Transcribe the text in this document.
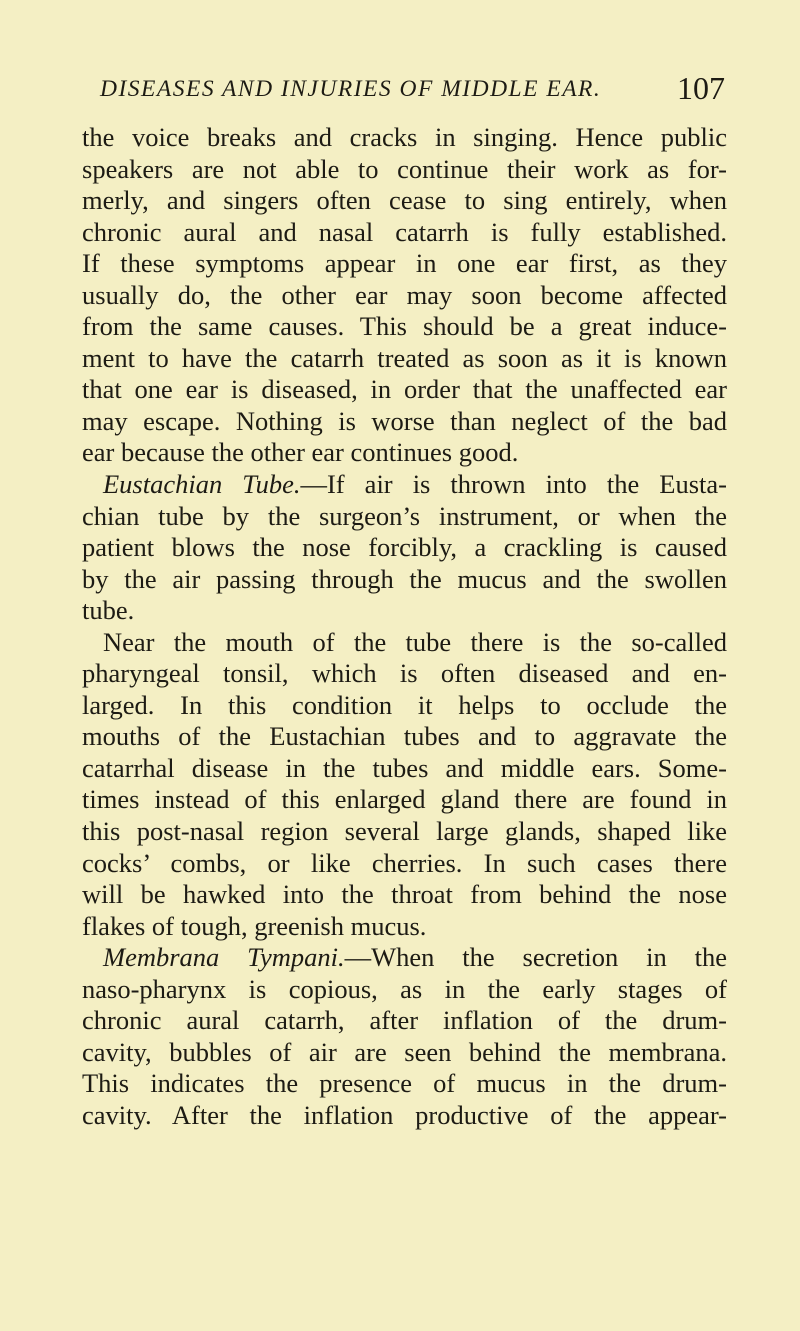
DISEASES AND INJURIES OF MIDDLE EAR. 107
the voice breaks and cracks in singing. Hence public
speakers are not able to continue their work as for-
merly, and singers often cease to sing entirely, when
chronic aural and nasal catarrh is fully established.
If these symptoms appear in one ear first, as they
usually do, the other ear may soon become affected
from the same causes. This should be a great induce-
ment to have the catarrh treated as soon as it is known
that one ear is diseased, in order that the unaffected ear
may escape. Nothing is worse than neglect of the bad
ear because the other ear continues good.
Eustachian Tube.—If air is thrown into the Eusta-
chian tube by the surgeon’s instrument, or when the
patient blows the nose forcibly, a crackling is caused
by the air passing through the mucus and the swollen
tube.
Near the mouth of the tube there is the so-called
pharyngeal tonsil, which is often diseased and en-
larged. In this condition it helps to occlude the
mouths of the Eustachian tubes and to aggravate the
catarrhal disease in the tubes and middle ears. Some-
times instead of this enlarged gland there are found in
this post-nasal region several large glands, shaped like
cocks’ combs, or like cherries. In such cases there
will be hawked into the throat from behind the nose
flakes of tough, greenish mucus.
Membrana Tympani.—When the secretion in the
naso-pharynx is copious, as in the early stages of
chronic aural catarrh, after inflation of the drum-
cavity, bubbles of air are seen behind the membrana.
This indicates the presence of mucus in the drum-
cavity. After the inflation productive of the appear-
